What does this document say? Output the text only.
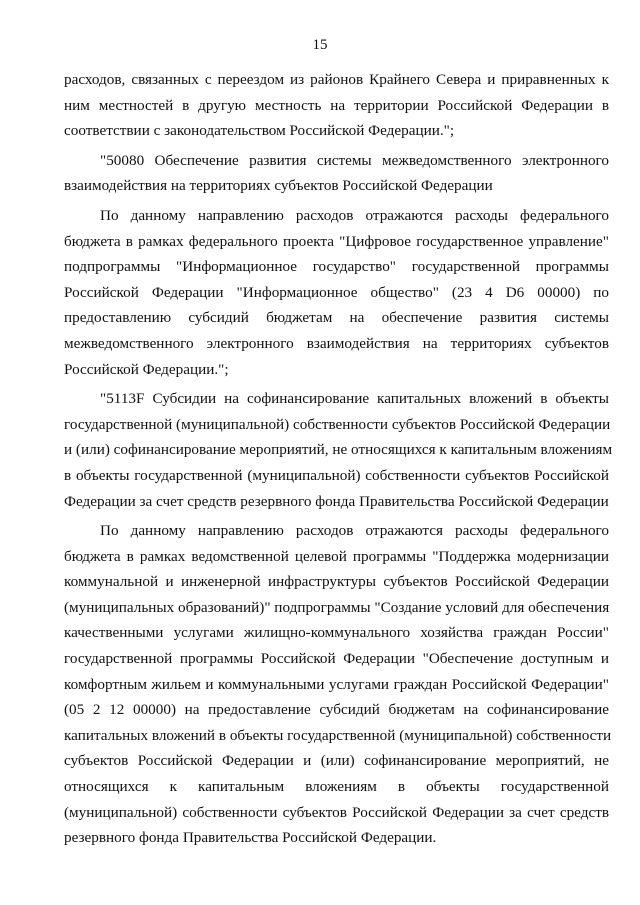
15

расходов, связанных с переездом из районов Крайнего Севера и приравненных к
ним местностей в другую местность на территории Российской Федерации в
соответствии с законодательством Российской Федерации.";

"50080 Обеспечение развития системы межведомственного электронного
взаимодействия на территориях субъектов Российской Федерации

По данному направлению расходов отражаются расходы федерального
бюджета в рамках федерального проекта "Цифровое государственное управление"
подпрограммы "Информационное государство" государственной программы
Российской Федерации "Информационное общество" (23 4 D6 00000) по
предоставлению субсидий бюджетам на обеспечение развития системы
межведомственного электронного взаимодействия на территориях субъектов
Российской Федерации.";

"5113F Субсидии на софинансирование капитальных вложений в объекты
государственной (муниципальной) собственности субъектов Российской Федерации
и (или) софинансирование мероприятий, не относящихся к капитальным вложениям
в объекты государственной (муниципальной) собственности субъектов Российской
Федерации за счет средств резервного фонда Правительства Российской Федерации

По данному направлению расходов отражаются расходы федерального
бюджета в рамках ведомственной целевой программы "Поддержка модернизации
коммунальной и инженерной инфраструктуры субъектов Российской Федерации
(муниципальных образований)" подпрограммы "Создание условий для обеспечения
качественными услугами жилищно-коммунального хозяйства граждан России"
государственной программы Российской Федерации "Обеспечение доступным и
комфортным жильем и коммунальными услугами граждан Российской Федерации"
(05 2 12 00000) на предоставление субсидий бюджетам на софинансирование
капитальных вложений в объекты государственной (муниципальной) собственности
субъектов Российской Федерации и (или) софинансирование мероприятий, не
относящихся к капитальным вложениям в объекты государственной
(муниципальной) собственности субъектов Российской Федерации за счет средств
резервного фонда Правительства Российской Федерации.
